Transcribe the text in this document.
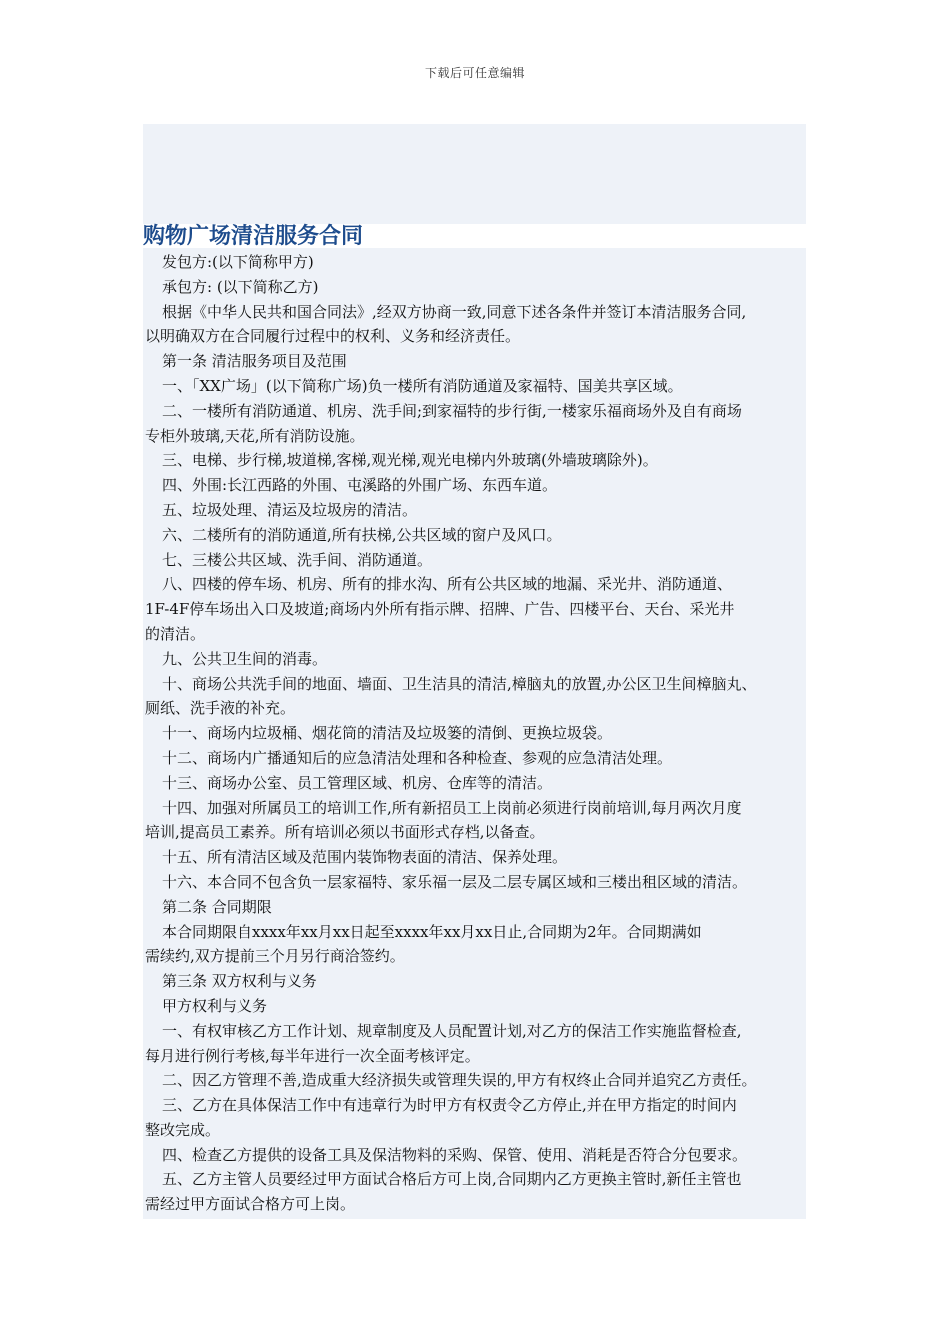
下载后可任意编辑
购物广场清洁服务合同
发包方:(以下简称甲方)
承包方: (以下简称乙方)
根据《中华人民共和国合同法》,经双方协商一致,同意下述各条件并签订本清洁服务合同,
以明确双方在合同履行过程中的权利、义务和经济责任。
第一条 清洁服务项目及范围
一、「XX广场」(以下简称广场)负一楼所有消防通道及家福特、国美共享区域。
二、一楼所有消防通道、机房、洗手间;到家福特的步行街,一楼家乐福商场外及自有商场
专柜外玻璃,天花,所有消防设施。
三、电梯、步行梯,坡道梯,客梯,观光梯,观光电梯内外玻璃(外墙玻璃除外)。
四、外围:长江西路的外围、屯溪路的外围广场、东西车道。
五、垃圾处理、清运及垃圾房的清洁。
六、二楼所有的消防通道,所有扶梯,公共区域的窗户及风口。
七、三楼公共区域、洗手间、消防通道。
八、四楼的停车场、机房、所有的排水沟、所有公共区域的地漏、采光井、消防通道、
1F-4F停车场出入口及坡道;商场内外所有指示牌、招牌、广告、四楼平台、天台、采光井
的清洁。
九、公共卫生间的消毒。
十、商场公共洗手间的地面、墙面、卫生洁具的清洁,樟脑丸的放置,办公区卫生间樟脑丸、
厕纸、洗手液的补充。
十一、商场内垃圾桶、烟花筒的清洁及垃圾篓的清倒、更换垃圾袋。
十二、商场内广播通知后的应急清洁处理和各种检查、参观的应急清洁处理。
十三、商场办公室、员工管理区域、机房、仓库等的清洁。
十四、加强对所属员工的培训工作,所有新招员工上岗前必须进行岗前培训,每月两次月度
培训,提高员工素养。所有培训必须以书面形式存档,以备查。
十五、所有清洁区域及范围内装饰物表面的清洁、保养处理。
十六、本合同不包含负一层家福特、家乐福一层及二层专属区域和三楼出租区域的清洁。
第二条 合同期限
本合同期限自xxxx年xx月xx日起至xxxx年xx月xx日止,合同期为2年。合同期满如
需续约,双方提前三个月另行商洽签约。
第三条 双方权利与义务
甲方权利与义务
一、有权审核乙方工作计划、规章制度及人员配置计划,对乙方的保洁工作实施监督检查,
每月进行例行考核,每半年进行一次全面考核评定。
二、因乙方管理不善,造成重大经济损失或管理失误的,甲方有权终止合同并追究乙方责任。
三、乙方在具体保洁工作中有违章行为时甲方有权责令乙方停止,并在甲方指定的时间内
整改完成。
四、检查乙方提供的设备工具及保洁物料的采购、保管、使用、消耗是否符合分包要求。
五、乙方主管人员要经过甲方面试合格后方可上岗,合同期内乙方更换主管时,新任主管也
需经过甲方面试合格方可上岗。
